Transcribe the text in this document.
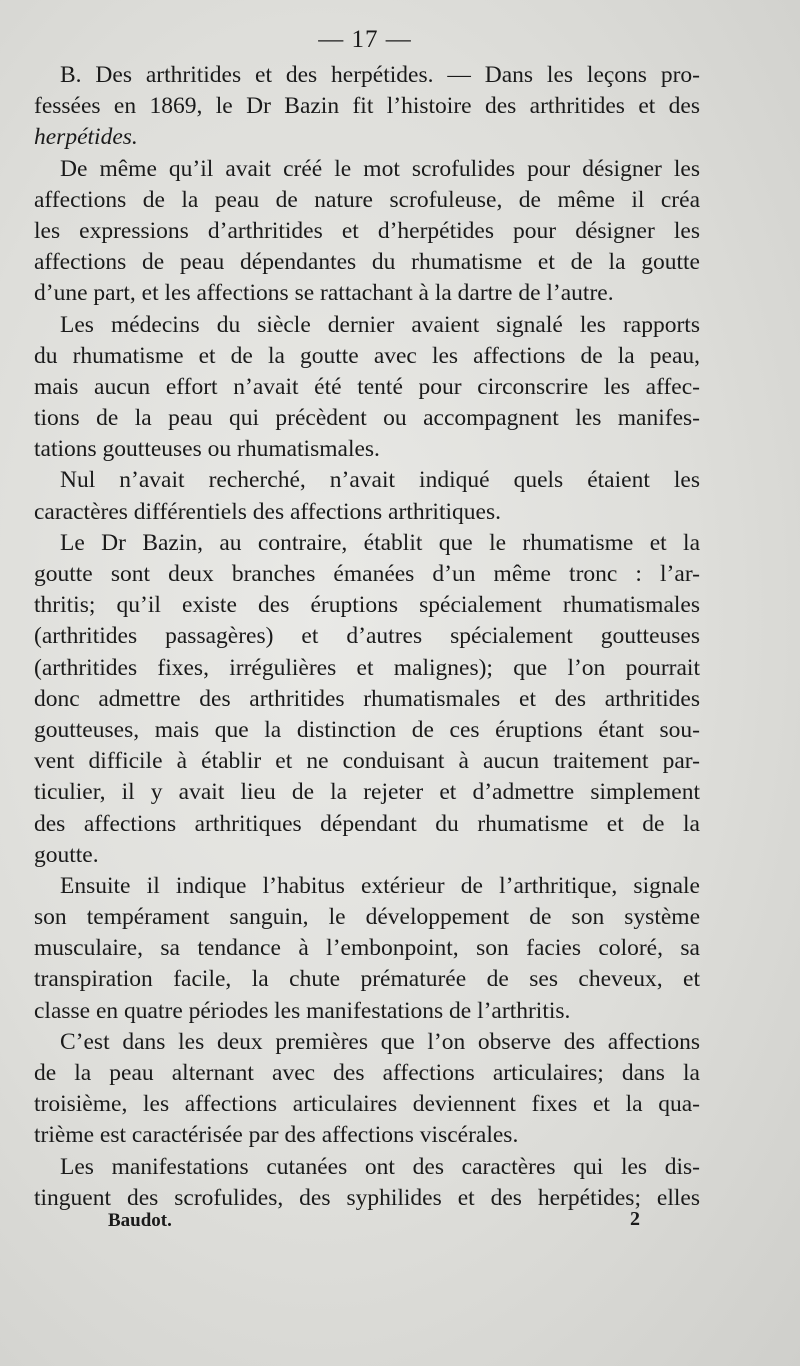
— 17 —
B. Des arthritides et des herpétides. — Dans les leçons pro-
fessées en 1869, le Dr Bazin fit l’histoire des arthritides et des
herpétides.
De même qu’il avait créé le mot scrofulides pour désigner les
affections de la peau de nature scrofuleuse, de même il créa
les expressions d’arthritides et d’herpétides pour désigner les
affections de peau dépendantes du rhumatisme et de la goutte
d’une part, et les affections se rattachant à la dartre de l’autre.
Les médecins du siècle dernier avaient signalé les rapports
du rhumatisme et de la goutte avec les affections de la peau,
mais aucun effort n’avait été tenté pour circonscrire les affec-
tions de la peau qui précèdent ou accompagnent les manifes-
tations goutteuses ou rhumatismales.
Nul n’avait recherché, n’avait indiqué quels étaient les
caractères différentiels des affections arthritiques.
Le Dr Bazin, au contraire, établit que le rhumatisme et la
goutte sont deux branches émanées d’un même tronc : l’ar-
thritis; qu’il existe des éruptions spécialement rhumatismales
(arthritides passagères) et d’autres spécialement goutteuses
(arthritides fixes, irrégulières et malignes); que l’on pourrait
donc admettre des arthritides rhumatismales et des arthritides
goutteuses, mais que la distinction de ces éruptions étant sou-
vent difficile à établir et ne conduisant à aucun traitement par-
ticulier, il y avait lieu de la rejeter et d’admettre simplement
des affections arthritiques dépendant du rhumatisme et de la
goutte.
Ensuite il indique l’habitus extérieur de l’arthritique, signale
son tempérament sanguin, le développement de son système
musculaire, sa tendance à l’embonpoint, son facies coloré, sa
transpiration facile, la chute prématurée de ses cheveux, et
classe en quatre périodes les manifestations de l’arthritis.
C’est dans les deux premières que l’on observe des affections
de la peau alternant avec des affections articulaires; dans la
troisième, les affections articulaires deviennent fixes et la qua-
trième est caractérisée par des affections viscérales.
Les manifestations cutanées ont des caractères qui les dis-
tinguent des scrofulides, des syphilides et des herpétides; elles
Baudot.	2
